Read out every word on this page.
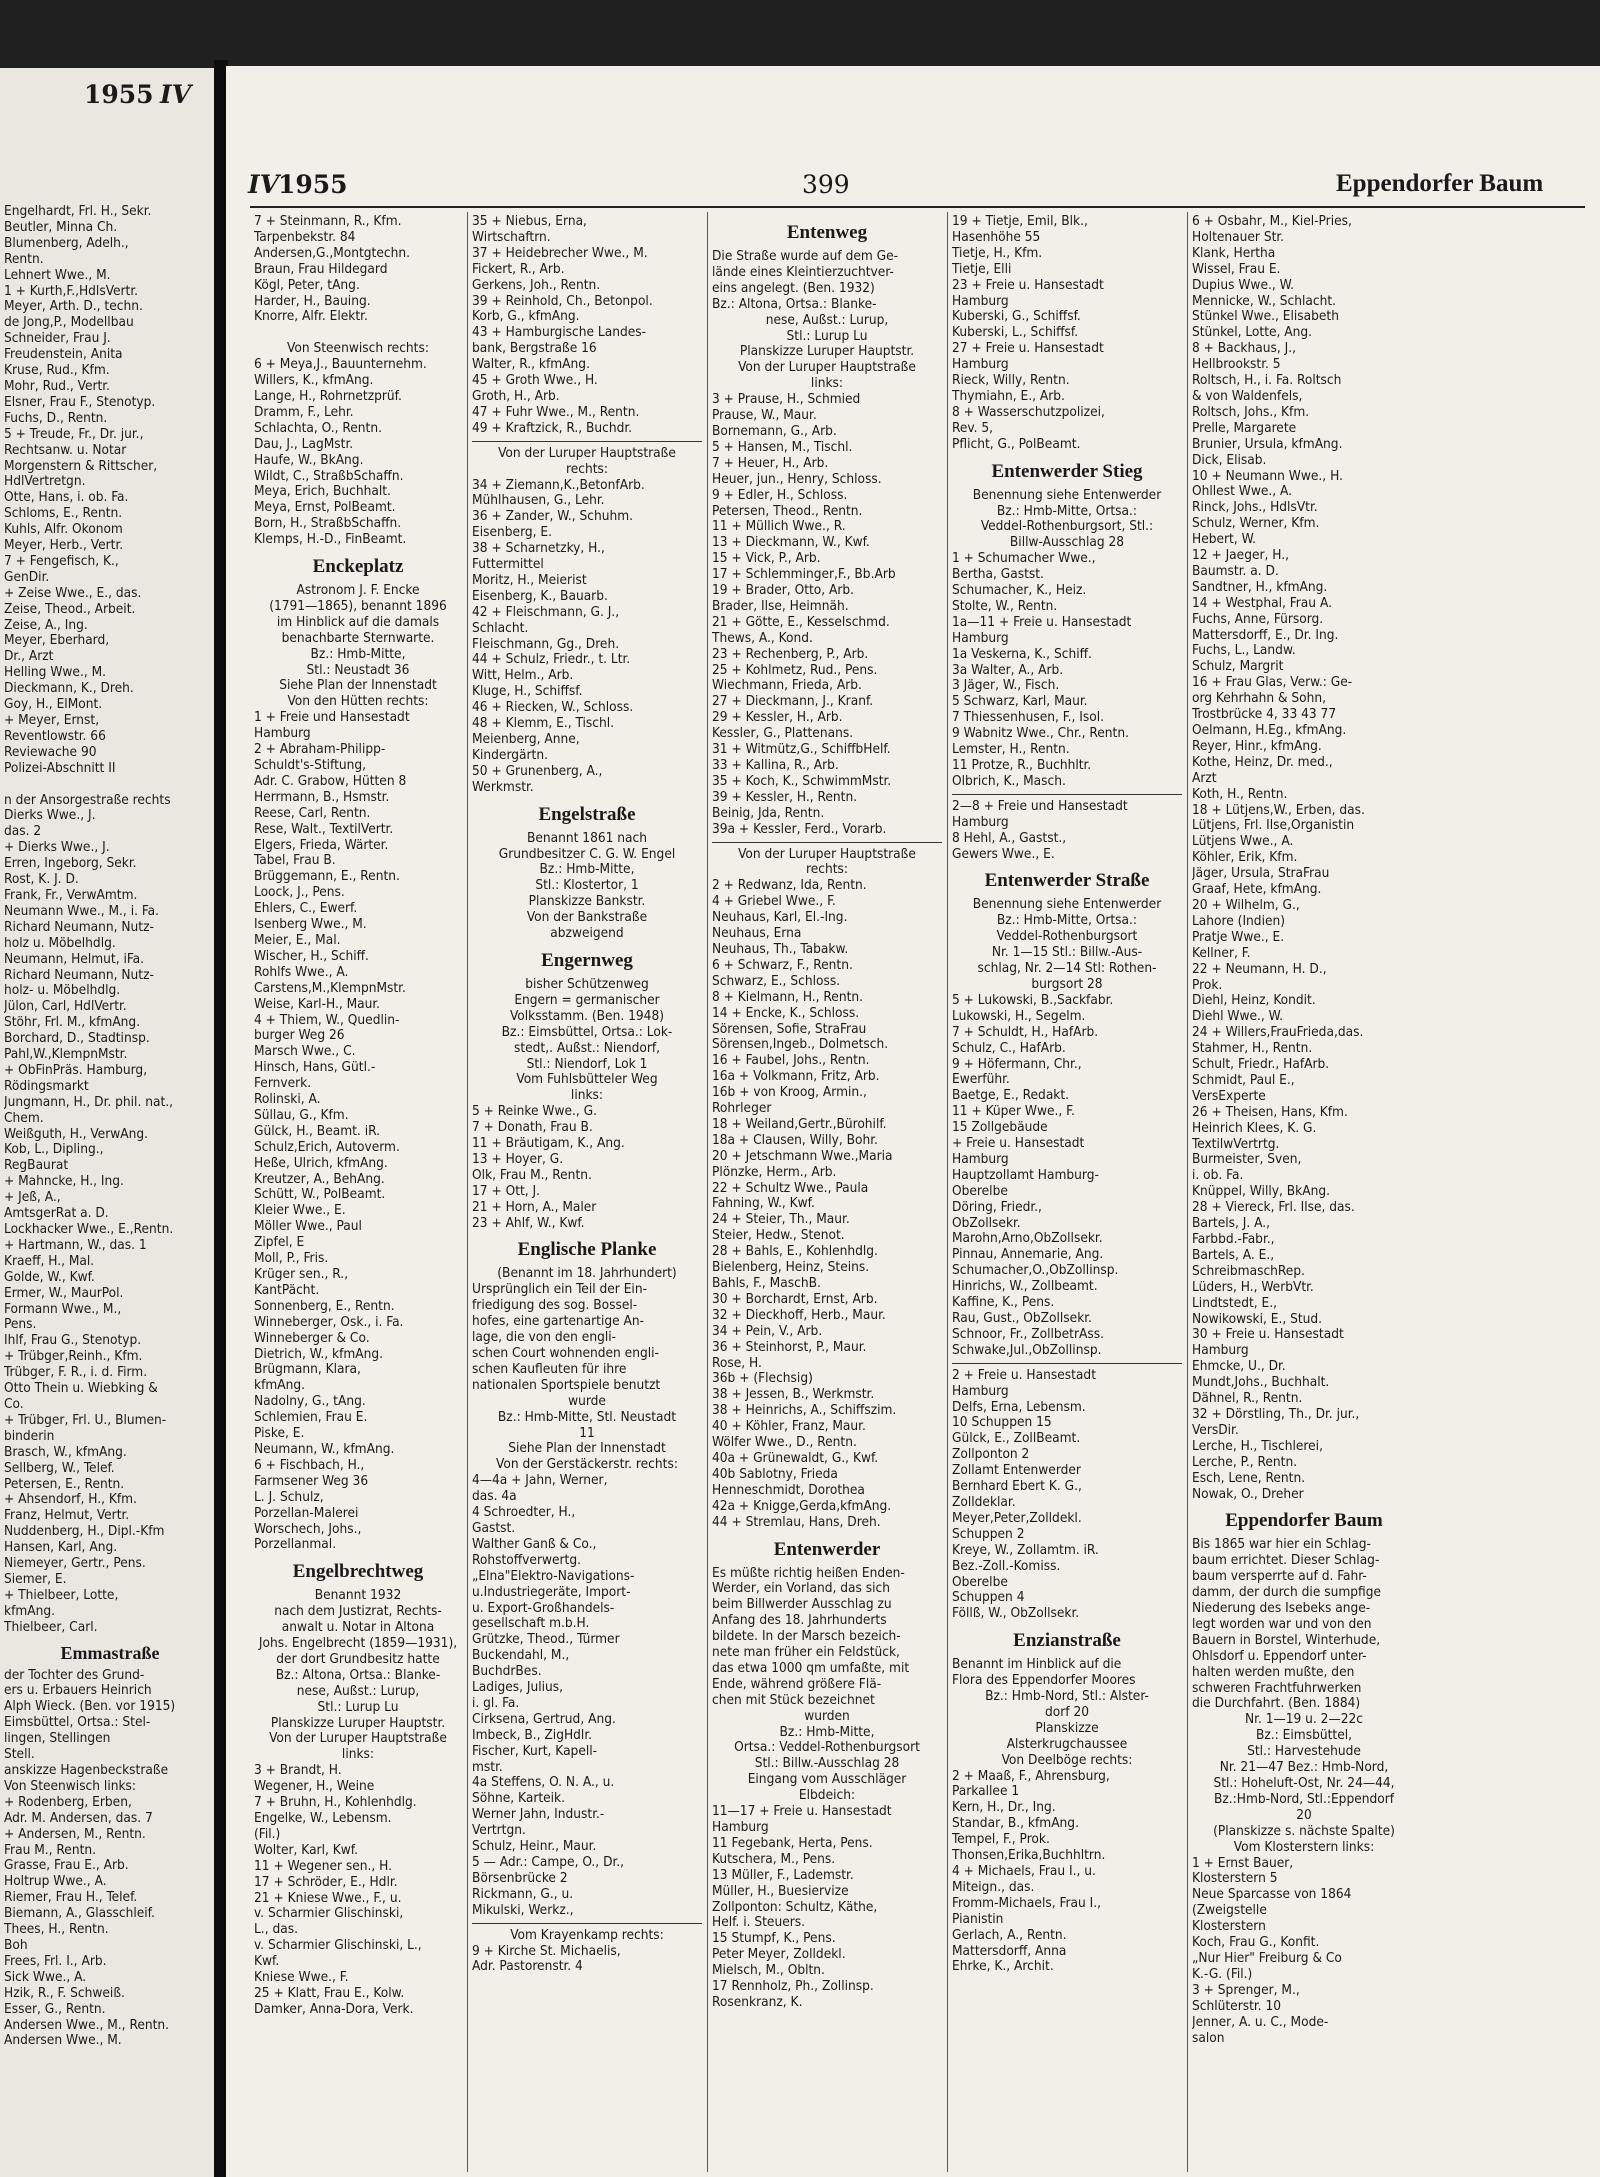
Engelhardt, Frl. H., Sekr.
Beutler, Minna Ch.
Blumenberg, Adelh.,
Rentn.
Lehnert Wwe., M.
1 + Kurth,F.,HdlsVertr.
Meyer, Arth. D., techn.
de Jong,P., Modellbau
Schneider, Frau J.
Freudenstein, Anita
Kruse, Rud., Kfm.
Mohr, Rud., Vertr.
Elsner, Frau F., Stenotyp.
Fuchs, D., Rentn.
5 + Treude, Fr., Dr. jur.,
Rechtsanw. u. Notar
Morgenstern & Rittscher,
HdlVertretgn.
Otte, Hans, i. ob. Fa.
Schloms, E., Rentn.
Kuhls, Alfr. Okonom
Meyer, Herb., Vertr.
7 + Fengefisch, K.,
GenDir.
+ Zeise Wwe., E., das.
Zeise, Theod., Arbeit.
Zeise, A., Ing.
Meyer, Eberhard,
Dr., Arzt
Helling Wwe., M.
Dieckmann, K., Dreh.
Goy, H., ElMont.
+ Meyer, Ernst,
Reventlowstr. 66
Reviewache 90
Polizei-Abschnitt II

n der Ansorgestraße rechts
Dierks Wwe., J.
das. 2
+ Dierks Wwe., J.
Erren, Ingeborg, Sekr.
Rost, K. J. D.
Frank, Fr., VerwAmtm.
Neumann Wwe., M., i. Fa.
Richard Neumann, Nutz-
holz u. Möbelhdlg.
Neumann, Helmut, iFa.
Richard Neumann, Nutz-
holz- u. Möbelhdlg.
Jülon, Carl, HdlVertr.
Stöhr, Frl. M., kfmAng.
Borchard, D., Stadtinsp.
Pahl,W.,KlempnMstr.
+ ObFinPräs. Hamburg,
Rödingsmarkt
Jungmann, H., Dr. phil. nat.,
Chem.
Weißguth, H., VerwAng.
Kob, L., Dipling.,
RegBaurat
+ Mahncke, H., Ing.
+ Jeß, A.,
AmtsgerRat a. D.
Lockhacker Wwe., E.,Rentn.
+ Hartmann, W., das. 1
Kraeff, H., Mal.
Golde, W., Kwf.
Ermer, W., MaurPol.
Formann Wwe., M.,
Pens.
Ihlf, Frau G., Stenotyp.
+ Trübger,Reinh., Kfm.
Trübger, F. R., i. d. Firm.
Otto Thein u. Wiebking &
Co.
+ Trübger, Frl. U., Blumen-
binderin
Brasch, W., kfmAng.
Sellberg, W., Telef.
Petersen, E., Rentn.
+ Ahsendorf, H., Kfm.
Franz, Helmut, Vertr.
Nuddenberg, H., Dipl.-Kfm
Hansen, Karl, Ang.
Niemeyer, Gertr., Pens.
Siemer, E.
+ Thielbeer, Lotte,
kfmAng.
Thielbeer, Carl.
Emmastraße
der Tochter des Grund-
ers u. Erbauers Heinrich
Alph Wieck. (Ben. vor 1915)
Eimsbüttel, Ortsa.: Stel-
lingen, Stellingen
Stell.
anskizze Hagenbeckstraße
Von Steenwisch links:
+ Rodenberg, Erben,
Adr. M. Andersen, das. 7
+ Andersen, M., Rentn.
Frau M., Rentn.
Grasse, Frau E., Arb.
Holtrup Wwe., A.
Riemer, Frau H., Telef.
Biemann, A., Glasschleif.
Thees, H., Rentn.
Boh
Frees, Frl. I., Arb.
Sick Wwe., A.
Hzik, R., F. Schweiß.
Esser, G., Rentn.
Andersen Wwe., M., Rentn.
Andersen Wwe., M.
1955 IV
IV
1955	399	Eppendorfer Baum
7 + Steinmann, R., Kfm.
Tarpenbekstr. 84
Andersen,G.,Montgtechn.
Braun, Frau Hildegard
Kögl, Peter, tAng.
Harder, H., Bauing.
Knorre, Alfr. Elektr.

Von Steenwisch rechts:
6 + Meya,J., Bauunternehm.
Willers, K., kfmAng.
Lange, H., Rohrnetzprüf.
Dramm, F., Lehr.
Schlachta, O., Rentn.
Dau, J., LagMstr.
Haufe, W., BkAng.
Wildt, C., StraßbSchaffn.
Meya, Erich, Buchhalt.
Meya, Ernst, PolBeamt.
Born, H., StraßbSchaffn.
Klemps, H.-D., FinBeamt.
Enckeplatz
Astronom J. F. Encke
(1791—1865), benannt 1896
im Hinblick auf die damals
benachbarte Sternwarte.
Bz.: Hmb-Mitte,
Stl.: Neustadt 36
Siehe Plan der Innenstadt
Von den Hütten rechts:
1 + Freie und Hansestadt
Hamburg
2 + Abraham-Philipp-
Schuldt's-Stiftung,
Adr. C. Grabow, Hütten 8
Herrmann, B., Hsmstr.
Reese, Carl, Rentn.
Rese, Walt., TextilVertr.
Elgers, Frieda, Wärter.
Tabel, Frau B.
Brüggemann, E., Rentn.
Loock, J., Pens.
Ehlers, C., Ewerf.
Isenberg Wwe., M.
Meier, E., Mal.
Wischer, H., Schiff.
Rohlfs Wwe., A.
Carstens,M.,KlempnMstr.
Weise, Karl-H., Maur.
4 + Thiem, W., Quedlin-
burger Weg 26
Marsch Wwe., C.
Hinsch, Hans, Gütl.-
Fernverk.
Rolinski, A.
Süllau, G., Kfm.
Gülck, H., Beamt. iR.
Schulz,Erich, Autoverm.
Heße, Ulrich, kfmAng.
Kreutzer, A., BehAng.
Schütt, W., PolBeamt.
Kleier Wwe., E.
Möller Wwe., Paul
Zipfel, E
Moll, P., Fris.
Krüger sen., R.,
KantPächt.
Sonnenberg, E., Rentn.
Winneberger, Osk., i. Fa.
Winneberger & Co.
Dietrich, W., kfmAng.
Brügmann, Klara,
kfmAng.
Nadolny, G., tAng.
Schlemien, Frau E.
Piske, E.
Neumann, W., kfmAng.
6 + Fischbach, H.,
Farmsener Weg 36
L. J. Schulz,
Porzellan-Malerei
Worschech, Johs.,
Porzellanmal.
Engelbrechtweg
Benannt 1932
nach dem Justizrat, Rechts-
anwalt u. Notar in Altona
Johs. Engelbrecht (1859—1931),
der dort Grundbesitz hatte
Bz.: Altona, Ortsa.: Blanke-
nese, Außst.: Lurup,
Stl.: Lurup Lu
Planskizze Luruper Hauptstr.
Von der Luruper Hauptstraße
links:
3 + Brandt, H.
Wegener, H., Weine
7 + Bruhn, H., Kohlenhdlg.
Engelke, W., Lebensm.
(Fil.)
Wolter, Karl, Kwf.
11 + Wegener sen., H.
17 + Schröder, E., Hdlr.
21 + Kniese Wwe., F., u.
v. Scharmier Glischinski,
L., das.
v. Scharmier Glischinski, L.,
Kwf.
Kniese Wwe., F.
25 + Klatt, Frau E., Kolw.
Damker, Anna-Dora, Verk.
35 + Niebus, Erna,
Wirtschaftrn.
37 + Heidebrecher Wwe., M.
Fickert, R., Arb.
Gerkens, Joh., Rentn.
39 + Reinhold, Ch., Betonpol.
Korb, G., kfmAng.
43 + Hamburgische Landes-
bank, Bergstraße 16
Walter, R., kfmAng.
45 + Groth Wwe., H.
Groth, H., Arb.
47 + Fuhr Wwe., M., Rentn.
49 + Kraftzick, R., Buchdr.
Von der Luruper Hauptstraße
rechts:
34 + Ziemann,K.,BetonfArb.
Mühlhausen, G., Lehr.
36 + Zander, W., Schuhm.
Eisenberg, E.
38 + Scharnetzky, H.,
Futtermittel
Moritz, H., Meierist
Eisenberg, K., Bauarb.
42 + Fleischmann, G. J.,
Schlacht.
Fleischmann, Gg., Dreh.
44 + Schulz, Friedr., t. Ltr.
Witt, Helm., Arb.
Kluge, H., Schiffsf.
46 + Riecken, W., Schloss.
48 + Klemm, E., Tischl.
Meienberg, Anne,
Kindergärtn.
50 + Grunenberg, A.,
Werkmstr.
Engelstraße
Benannt 1861 nach
Grundbesitzer C. G. W. Engel
Bz.: Hmb-Mitte,
Stl.: Klostertor, 1
Planskizze Bankstr.
Von der Bankstraße
abzweigend
Engernweg
bisher Schützenweg
Engern = germanischer
Volksstamm. (Ben. 1948)
Bz.: Eimsbüttel, Ortsa.: Lok-
stedt,. Außst.: Niendorf,
Stl.: Niendorf, Lok 1
Vom Fuhlsbütteler Weg
links:
5 + Reinke Wwe., G.
7 + Donath, Frau B.
11 + Bräutigam, K., Ang.
13 + Hoyer, G.
Olk, Frau M., Rentn.
17 + Ott, J.
21 + Horn, A., Maler
23 + Ahlf, W., Kwf.
Englische Planke
(Benannt im 18. Jahrhundert)
Ursprünglich ein Teil der Ein-
friedigung des sog. Bossel-
hofes, eine gartenartige An-
lage, die von den engli-
schen Court wohnenden engli-
schen Kaufleuten für ihre
nationalen Sportspiele benutzt
wurde
Bz.: Hmb-Mitte, Stl. Neustadt
11
Siehe Plan der Innenstadt
Von der Gerstäckerstr. rechts:
4—4a + Jahn, Werner,
das. 4a
4 Schroedter, H.,
Gastst.
Walther Ganß & Co.,
Rohstoffverwertg.
„Elna"Elektro-Navigations-
u.Industriegeräte, Import-
u. Export-Großhandels-
gesellschaft m.b.H.
Grützke, Theod., Türmer
Buckendahl, M.,
BuchdrBes.
Ladiges, Julius,
i. gl. Fa.
Cirksena, Gertrud, Ang.
Imbeck, B., ZigHdlr.
Fischer, Kurt, Kapell-
mstr.
4a Steffens, O. N. A., u.
Söhne, Karteik.
Werner Jahn, Industr.-
Vertrtgn.
Schulz, Heinr., Maur.
5 — Adr.: Campe, O., Dr.,
Börsenbrücke 2
Rickmann, G., u.
Mikulski, Werkz.,
Vom Krayenkamp rechts:
9 + Kirche St. Michaelis,
Adr. Pastorenstr. 4
Entenweg
Die Straße wurde auf dem Ge-
lände eines Kleintierzuchtver-
eins angelegt. (Ben. 1932)
Bz.: Altona, Ortsa.: Blanke-
nese, Außst.: Lurup,
Stl.: Lurup Lu
Planskizze Luruper Hauptstr.
Von der Luruper Hauptstraße
links:
3 + Prause, H., Schmied
Prause, W., Maur.
Bornemann, G., Arb.
5 + Hansen, M., Tischl.
7 + Heuer, H., Arb.
Heuer, jun., Henry, Schloss.
9 + Edler, H., Schloss.
Petersen, Theod., Rentn.
11 + Müllich Wwe., R.
13 + Dieckmann, W., Kwf.
15 + Vick, P., Arb.
17 + Schlemminger,F., Bb.Arb
19 + Brader, Otto, Arb.
Brader, Ilse, Heimnäh.
21 + Götte, E., Kesselschmd.
Thews, A., Kond.
23 + Rechenberg, P., Arb.
25 + Kohlmetz, Rud., Pens.
Wiechmann, Frieda, Arb.
27 + Dieckmann, J., Kranf.
29 + Kessler, H., Arb.
Kessler, G., Plattenans.
31 + Witmütz,G., SchiffbHelf.
33 + Kallina, R., Arb.
35 + Koch, K., SchwimmMstr.
39 + Kessler, H., Rentn.
Beinig, Jda, Rentn.
39a + Kessler, Ferd., Vorarb.
Von der Luruper Hauptstraße
rechts:
2 + Redwanz, Ida, Rentn.
4 + Griebel Wwe., F.
Neuhaus, Karl, El.-Ing.
Neuhaus, Erna
Neuhaus, Th., Tabakw.
6 + Schwarz, F., Rentn.
Schwarz, E., Schloss.
8 + Kielmann, H., Rentn.
14 + Encke, K., Schloss.
Sörensen, Sofie, StraFrau
Sörensen,Ingeb., Dolmetsch.
16 + Faubel, Johs., Rentn.
16a + Volkmann, Fritz, Arb.
16b + von Kroog, Armin.,
Rohrleger
18 + Weiland,Gertr.,Bürohilf.
18a + Clausen, Willy, Bohr.
20 + Jetschmann Wwe.,Maria
Plönzke, Herm., Arb.
22 + Schultz Wwe., Paula
Fahning, W., Kwf.
24 + Steier, Th., Maur.
Steier, Hedw., Stenot.
28 + Bahls, E., Kohlenhdlg.
Bielenberg, Heinz, Steins.
Bahls, F., MaschB.
30 + Borchardt, Ernst, Arb.
32 + Dieckhoff, Herb., Maur.
34 + Pein, V., Arb.
36 + Steinhorst, P., Maur.
Rose, H.
36b + (Flechsig)
38 + Jessen, B., Werkmstr.
38 + Heinrichs, A., Schiffszim.
40 + Köhler, Franz, Maur.
Wölfer Wwe., D., Rentn.
40a + Grünewaldt, G., Kwf.
40b Sablotny, Frieda
Henneschmidt, Dorothea
42a + Knigge,Gerda,kfmAng.
44 + Stremlau, Hans, Dreh.
Entenwerder
Es müßte richtig heißen Enden-
Werder, ein Vorland, das sich
beim Billwerder Ausschlag zu
Anfang des 18. Jahrhunderts
bildete. In der Marsch bezeich-
nete man früher ein Feldstück,
das etwa 1000 qm umfaßte, mit
Ende, während größere Flä-
chen mit Stück bezeichnet
wurden
Bz.: Hmb-Mitte,
Ortsa.: Veddel-Rothenburgsort
Stl.: Billw.-Ausschlag 28
Eingang vom Ausschläger
Elbdeich:
11—17 + Freie u. Hansestadt
Hamburg
11 Fegebank, Herta, Pens.
Kutschera, M., Pens.
13 Müller, F., Lademstr.
Müller, H., Buesiervize
Zollponton: Schultz, Käthe,
Helf. i. Steuers.
15 Stumpf, K., Pens.
Peter Meyer, Zolldekl.
Mielsch, M., Obltn.
17 Rennholz, Ph., Zollinsp.
Rosenkranz, K.
19 + Tietje, Emil, Blk.,
Hasenhöhe 55
Tietje, H., Kfm.
Tietje, Elli
23 + Freie u. Hansestadt
Hamburg
Kuberski, G., Schiffsf.
Kuberski, L., Schiffsf.
27 + Freie u. Hansestadt
Hamburg
Rieck, Willy, Rentn.
Thymiahn, E., Arb.
8 + Wasserschutzpolizei,
Rev. 5,
Pflicht, G., PolBeamt.
Entenwerder Stieg
Benennung siehe Entenwerder
Bz.: Hmb-Mitte, Ortsa.:
Veddel-Rothenburgsort, Stl.:
Billw-Ausschlag 28
1 + Schumacher Wwe.,
Bertha, Gastst.
Schumacher, K., Heiz.
Stolte, W., Rentn.
1a—11 + Freie u. Hansestadt
Hamburg
1a Veskerna, K., Schiff.
3a Walter, A., Arb.
3 Jäger, W., Fisch.
5 Schwarz, Karl, Maur.
7 Thiessenhusen, F., Isol.
9 Wabnitz Wwe., Chr., Rentn.
Lemster, H., Rentn.
11 Protze, R., Buchhltr.
Olbrich, K., Masch.
2—8 + Freie und Hansestadt
Hamburg
8 Hehl, A., Gastst.,
Gewers Wwe., E.
Entenwerder Straße
Benennung siehe Entenwerder
Bz.: Hmb-Mitte, Ortsa.:
Veddel-Rothenburgsort
Nr. 1—15 Stl.: Billw.-Aus-
schlag, Nr. 2—14 Stl: Rothen-
burgsort 28
5 + Lukowski, B.,Sackfabr.
Lukowski, H., Segelm.
7 + Schuldt, H., HafArb.
Schulz, C., HafArb.
9 + Höfermann, Chr.,
Ewerführ.
Baetge, E., Redakt.
11 + Küper Wwe., F.
15 Zollgebäude
+ Freie u. Hansestadt
Hamburg
Hauptzollamt Hamburg-
Oberelbe
Döring, Friedr.,
ObZollsekr.
Marohn,Arno,ObZollsekr.
Pinnau, Annemarie, Ang.
Schumacher,O.,ObZollinsp.
Hinrichs, W., Zollbeamt.
Kaffine, K., Pens.
Rau, Gust., ObZollsekr.
Schnoor, Fr., ZollbetrAss.
Schwake,Jul.,ObZollinsp.
2 + Freie u. Hansestadt
Hamburg
Delfs, Erna, Lebensm.
10 Schuppen 15
Gülck, E., ZollBeamt.
Zollponton 2
Zollamt Entenwerder
Bernhard Ebert K. G.,
Zolldeklar.
Meyer,Peter,Zolldekl.
Schuppen 2
Kreye, W., Zollamtm. iR.
Bez.-Zoll.-Komiss.
Oberelbe
Schuppen 4
Föllß, W., ObZollsekr.
Enzianstraße
Benannt im Hinblick auf die
Flora des Eppendorfer Moores
Bz.: Hmb-Nord, Stl.: Alster-
dorf 20
Planskizze
Alsterkrugchaussee
Von Deelböge rechts:
2 + Maaß, F., Ahrensburg,
Parkallee 1
Kern, H., Dr., Ing.
Standar, B., kfmAng.
Tempel, F., Prok.
Thonsen,Erika,Buchhltrn.
4 + Michaels, Frau I., u.
Miteign., das.
Fromm-Michaels, Frau I.,
Pianistin
Gerlach, A., Rentn.
Mattersdorff, Anna
Ehrke, K., Archit.
6 + Osbahr, M., Kiel-Pries,
Holtenauer Str.
Klank, Hertha
Wissel, Frau E.
Dupius Wwe., W.
Mennicke, W., Schlacht.
Stünkel Wwe., Elisabeth
Stünkel, Lotte, Ang.
8 + Backhaus, J.,
Hellbrookstr. 5
Roltsch, H., i. Fa. Roltsch
& von Waldenfels,
Roltsch, Johs., Kfm.
Prelle, Margarete
Brunier, Ursula, kfmAng.
Dick, Elisab.
10 + Neumann Wwe., H.
Ohllest Wwe., A.
Rinck, Johs., HdlsVtr.
Schulz, Werner, Kfm.
Hebert, W.
12 + Jaeger, H.,
Baumstr. a. D.
Sandtner, H., kfmAng.
14 + Westphal, Frau A.
Fuchs, Anne, Fürsorg.
Mattersdorff, E., Dr. Ing.
Fuchs, L., Landw.
Schulz, Margrit
16 + Frau Glas, Verw.: Ge-
org Kehrhahn & Sohn,
Trostbrücke 4, 33 43 77
Oelmann, H.Eg., kfmAng.
Reyer, Hinr., kfmAng.
Kothe, Heinz, Dr. med.,
Arzt
Koth, H., Rentn.
18 + Lütjens,W., Erben, das.
Lütjens, Frl. Ilse,Organistin
Lütjens Wwe., A.
Köhler, Erik, Kfm.
Jäger, Ursula, StraFrau
Graaf, Hete, kfmAng.
20 + Wilhelm, G.,
Lahore (Indien)
Pratje Wwe., E.
Kellner, F.
22 + Neumann, H. D.,
Prok.
Diehl, Heinz, Kondit.
Diehl Wwe., W.
24 + Willers,FrauFrieda,das.
Stahmer, H., Rentn.
Schult, Friedr., HafArb.
Schmidt, Paul E.,
VersExperte
26 + Theisen, Hans, Kfm.
Heinrich Klees, K. G.
TextilwVertrtg.
Burmeister, Sven,
i. ob. Fa.
Knüppel, Willy, BkAng.
28 + Viereck, Frl. Ilse, das.
Bartels, J. A.,
Farbbd.-Fabr.,
Bartels, A. E.,
SchreibmaschRep.
Lüders, H., WerbVtr.
Lindtstedt, E.,
Nowikowski, E., Stud.
30 + Freie u. Hansestadt
Hamburg
Ehmcke, U., Dr.
Mundt,Johs., Buchhalt.
Dähnel, R., Rentn.
32 + Dörstling, Th., Dr. jur.,
VersDir.
Lerche, H., Tischlerei,
Lerche, P., Rentn.
Esch, Lene, Rentn.
Nowak, O., Dreher
Eppendorfer Baum
Bis 1865 war hier ein Schlag-
baum errichtet. Dieser Schlag-
baum versperrte auf d. Fahr-
damm, der durch die sumpfige
Niederung des Isebeks ange-
legt worden war und von den
Bauern in Borstel, Winterhude,
Ohlsdorf u. Eppendorf unter-
halten werden mußte, den
schweren Frachtfuhrwerken
die Durchfahrt. (Ben. 1884)
Nr. 1—19 u. 2—22c
Bz.: Eimsbüttel,
Stl.: Harvestehude
Nr. 21—47 Bez.: Hmb-Nord,
Stl.: Hoheluft-Ost, Nr. 24—44,
Bz.:Hmb-Nord, Stl.:Eppendorf
20
(Planskizze s. nächste Spalte)
Vom Klosterstern links:
1 + Ernst Bauer,
Klosterstern 5
Neue Sparcasse von 1864
(Zweigstelle
Klosterstern
Koch, Frau G., Konfit.
„Nur Hier" Freiburg & Co
K.-G. (Fil.)
3 + Sprenger, M.,
Schlüterstr. 10
Jenner, A. u. C., Mode-
salon
